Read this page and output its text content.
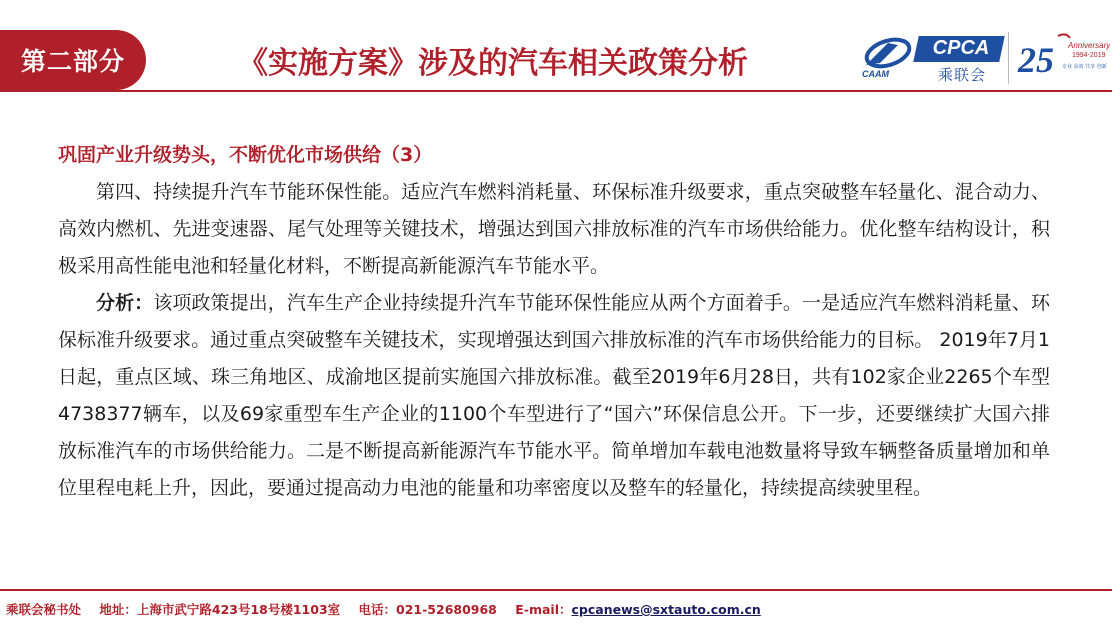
第二部分	《实施方案》涉及的汽车相关政策分析	CAAM
CPCA
乘联会 25 Anniversary
1994-2019
专业 高效 共享 创新

巩固产业升级势头，不断优化市场供给（3）

第四、持续提升汽车节能环保性能。适应汽车燃料消耗量、环保标准升级要求，重点突破整车轻量化、混合动力、高效内燃机、先进变速器、尾气处理等关键技术，增强达到国六排放标准的汽车市场供给能力。优化整车结构设计，积极采用高性能电池和轻量化材料，不断提高新能源汽车节能水平。

分析：该项政策提出，汽车生产企业持续提升汽车节能环保性能应从两个方面着手。一是适应汽车燃料消耗量、环保标准升级要求。通过重点突破整车关键技术，实现增强达到国六排放标准的汽车市场供给能力的目标。 2019年7月1日起，重点区域、珠三角地区、成渝地区提前实施国六排放标准。截至2019年6月28日，共有102家企业2265个车型4738377辆车，以及69家重型车生产企业的1100个车型进行了“国六”环保信息公开。下一步，还要继续扩大国六排放标准汽车的市场供给能力。二是不断提高新能源汽车节能水平。简单增加车载电池数量将导致车辆整备质量增加和单位里程电耗上升，因此，要通过提高动力电池的能量和功率密度以及整车的轻量化，持续提高续驶里程。

乘联会秘书处 地址：上海市武宁路423号18号楼1103室 电话：021-52680968 E-mail：cpcanews@sxtauto.com.cn
